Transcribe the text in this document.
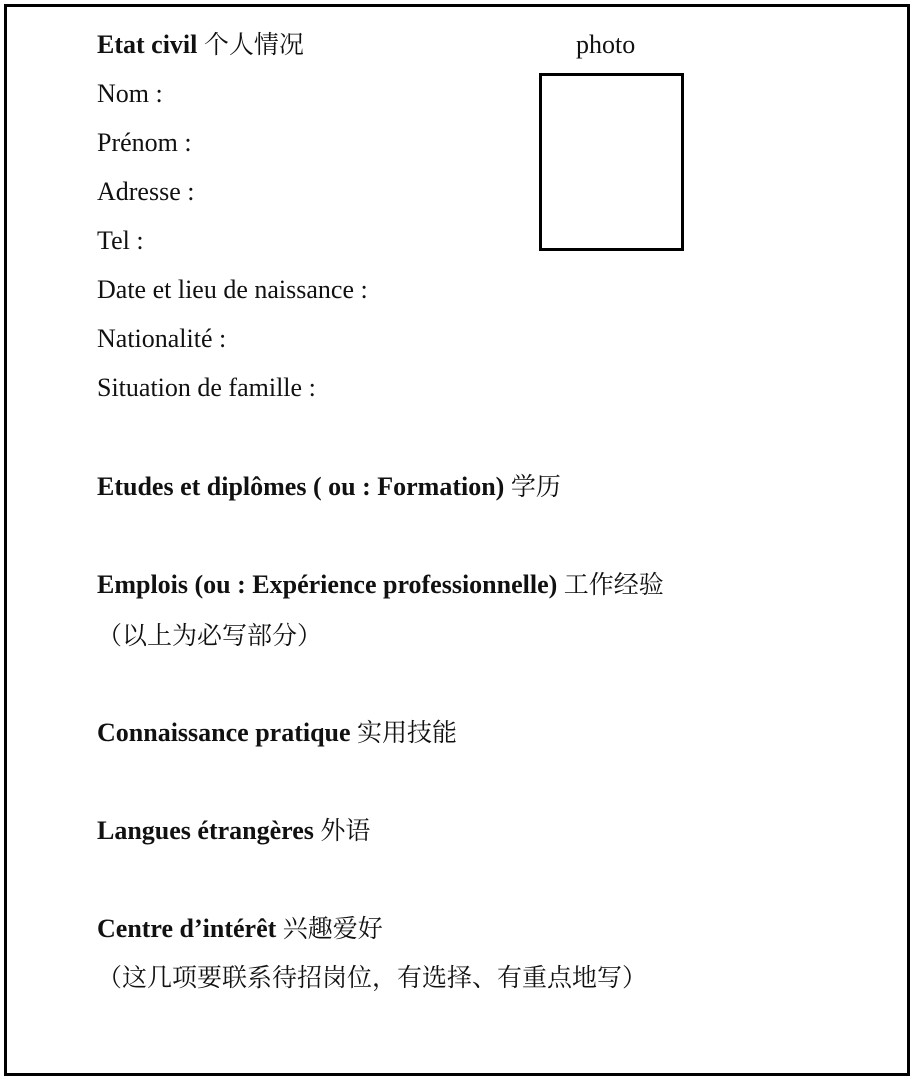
Etat civil 个人情况	photo
Nom :
Prénom :
Adresse :
Tel :
Date et lieu de naissance :
Nationalité :
Situation de famille :
Etudes et diplômes ( ou : Formation) 学历
Emplois (ou : Expérience professionnelle) 工作经验
（以上为必写部分）
Connaissance pratique 实用技能
Langues étrangères 外语
Centre d’intérêt 兴趣爱好
（这几项要联系待招岗位，有选择、有重点地写）
